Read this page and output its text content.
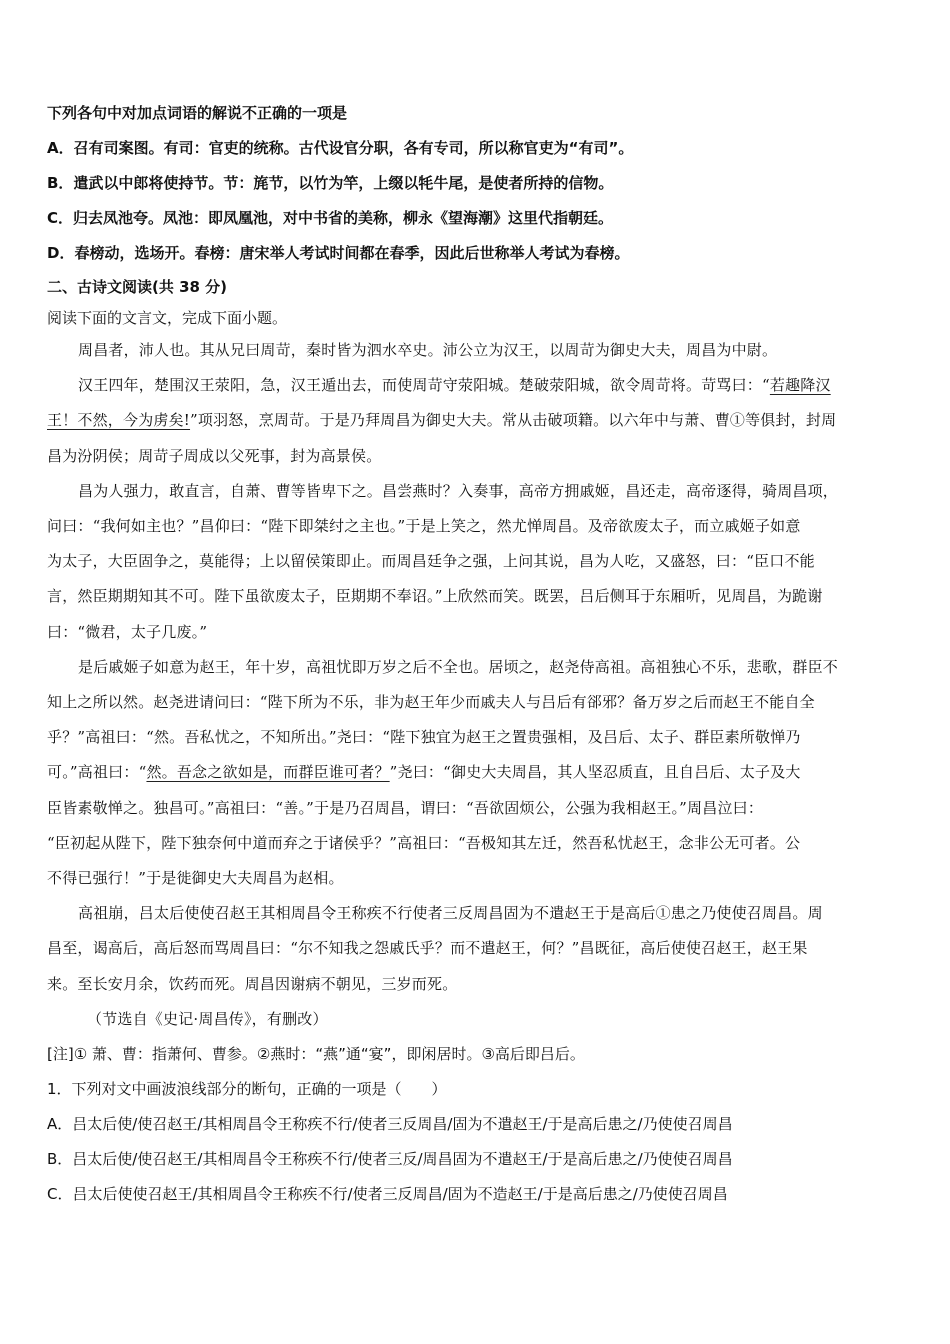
下列各句中对加点词语的解说不正确的一项是
A．召有司案图。有司：官吏的统称。古代设官分职，各有专司，所以称官吏为“有司”。
B．遣武以中郎将使持节。节：旄节，以竹为竿，上缀以牦牛尾，是使者所持的信物。
C．归去凤池夸。凤池：即凤凰池，对中书省的美称，柳永《望海潮》这里代指朝廷。
D．春榜动，选场开。春榜：唐宋举人考试时间都在春季，因此后世称举人考试为春榜。
二、古诗文阅读(共 38 分)
阅读下面的文言文，完成下面小题。
周昌者，沛人也。其从兄曰周苛，秦时皆为泗水卒史。沛公立为汉王，以周苛为御史大夫，周昌为中尉。
汉王四年，楚围汉王荥阳，急，汉王遁出去，而使周苛守荥阳城。楚破荥阳城，欲令周苛将。苛骂曰：“若趣降汉
王！不然，今为虏矣!”项羽怒，烹周苛。于是乃拜周昌为御史大夫。常从击破项籍。以六年中与萧、曹①等俱封，封周
昌为汾阴侯；周苛子周成以父死事，封为高景侯。
昌为人强力，敢直言，自萧、曹等皆卑下之。昌尝燕时？入奏事，高帝方拥戚姬，昌还走，高帝逐得，骑周昌项，
问曰：“我何如主也？”昌仰曰：“陛下即桀纣之主也。”于是上笑之，然尤惮周昌。及帝欲废太子，而立戚姬子如意
为太子，大臣固争之，莫能得；上以留侯策即止。而周昌廷争之强，上问其说，昌为人吃，又盛怒，曰：“臣口不能
言，然臣期期知其不可。陛下虽欲废太子，臣期期不奉诏。”上欣然而笑。既罢，吕后侧耳于东厢听，见周昌，为跪谢
曰：“微君，太子几废。”
是后戚姬子如意为赵王，年十岁，高祖忧即万岁之后不全也。居顷之，赵尧侍高祖。高祖独心不乐，悲歌，群臣不
知上之所以然。赵尧进请问曰：“陛下所为不乐，非为赵王年少而戚夫人与吕后有郤邪？备万岁之后而赵王不能自全
乎？”高祖曰：“然。吾私忧之，不知所出。”尧曰：“陛下独宜为赵王之置贵强相，及吕后、太子、群臣素所敬惮乃
可。”高祖曰：“然。吾念之欲如是，而群臣谁可者？”尧曰：“御史大夫周昌，其人坚忍质直，且自吕后、太子及大
臣皆素敬惮之。独昌可。”高祖曰：“善。”于是乃召周昌，谓曰：“吾欲固烦公，公强为我相赵王。”周昌泣曰：
“臣初起从陛下，陛下独奈何中道而弃之于诸侯乎？”高祖曰：“吾极知其左迁，然吾私忧赵王，念非公无可者。公
不得已强行！”于是徙御史大夫周昌为赵相。
高祖崩，吕太后使使召赵王其相周昌令王称疾不行使者三反周昌固为不遣赵王于是高后①患之乃使使召周昌。周
昌至，谒高后，高后怒而骂周昌曰：“尔不知我之怨戚氏乎？而不遣赵王，何？”昌既征，高后使使召赵王，赵王果
来。至长安月余，饮药而死。周昌因谢病不朝见，三岁而死。
（节选自《史记·周昌传》，有删改）
[注]① 萧、曹：指萧何、曹参。②燕时：“燕”通“宴”，即闲居时。③高后即吕后。
1．下列对文中画波浪线部分的断句，正确的一项是（　　）
A．吕太后使/使召赵王/其相周昌令王称疾不行/使者三反周昌/固为不遣赵王/于是高后患之/乃使使召周昌
B．吕太后使/使召赵王/其相周昌令王称疾不行/使者三反/周昌固为不遣赵王/于是高后患之/乃使使召周昌
C．吕太后使使召赵王/其相周昌令王称疾不行/使者三反周昌/固为不造赵王/于是高后患之/乃使使召周昌
